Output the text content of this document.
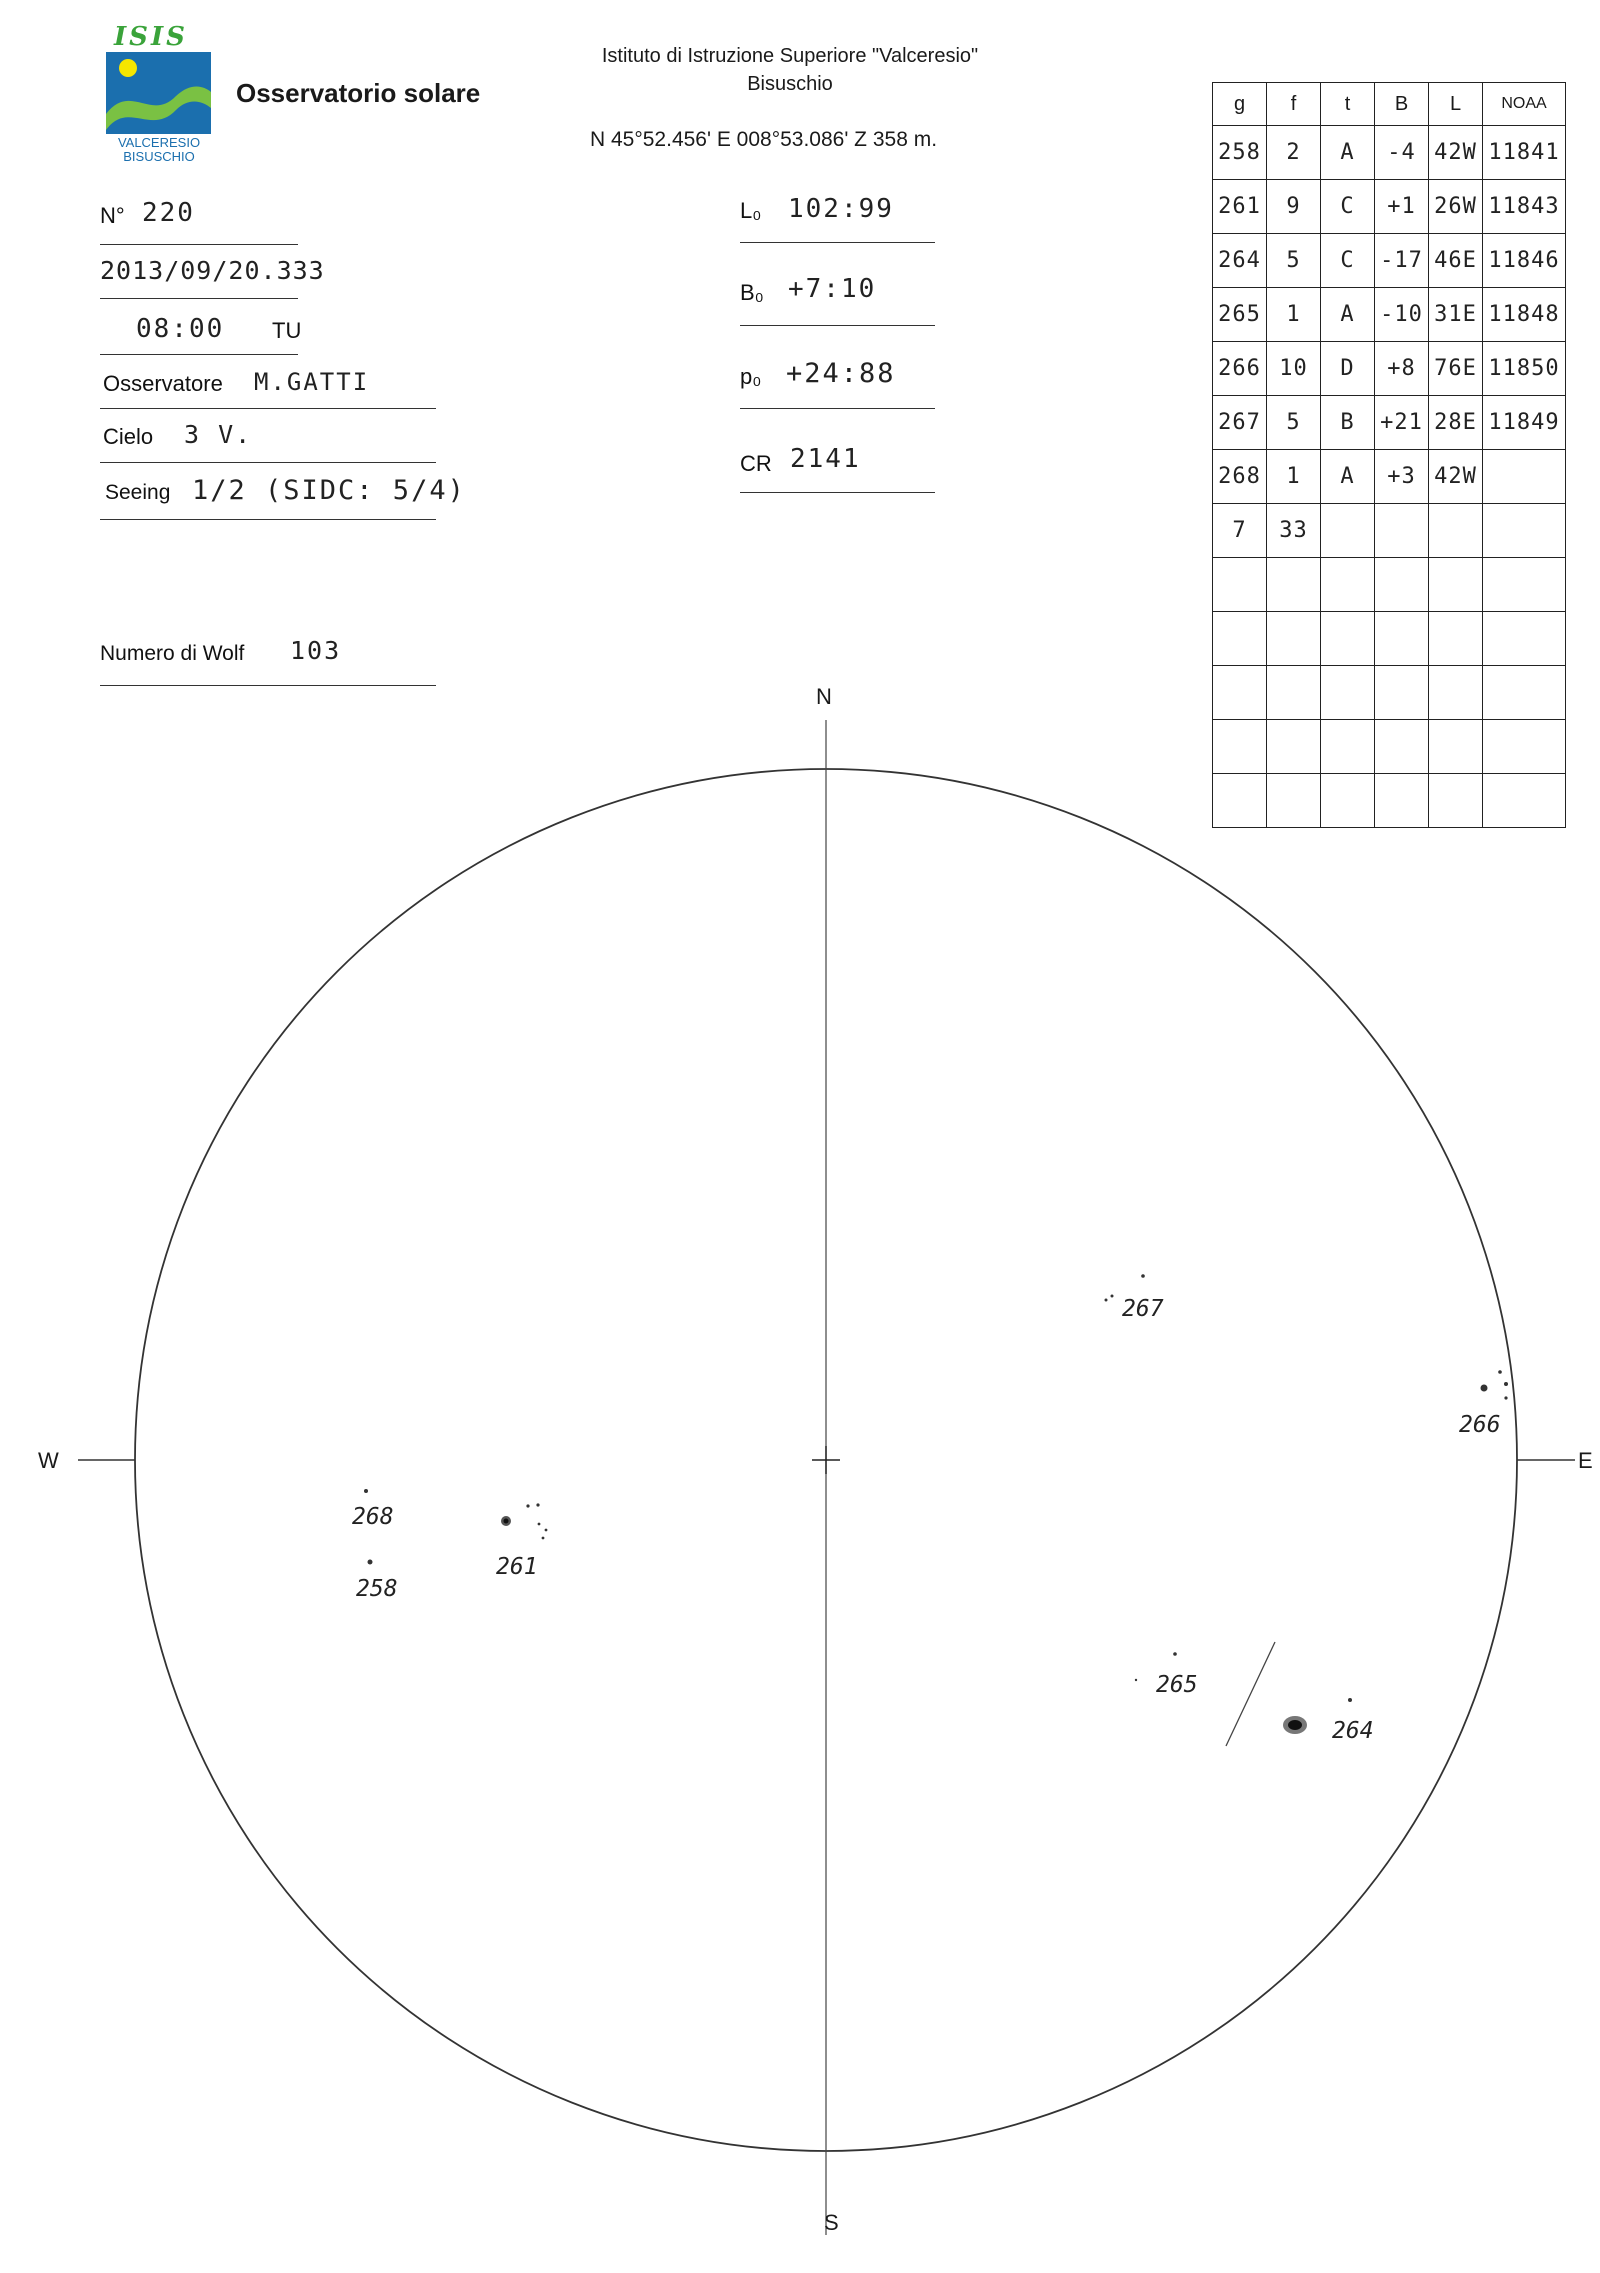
ISIS
VALCERESIO
BISUSCHIO
Osservatorio solare
Istituto di Istruzione Superiore "Valceresio"
Bisuschio
N 45°52.456' E 008°53.086' Z 358 m.
N° 220
2013/09/20.333
08:00 TU
Osservatore M.GATTI
Cielo 3 V.
Seeing 1/2 (SIDC: 5/4)
Numero di Wolf 103
L₀ 102:99
B₀ +7:10
p₀ +24:88
CR 2141
g	f	t	B	L	NOAA
258	2	A	-4	42W	11841
261	9	C	+1	26W	11843
264	5	C	-17	46E	11846
265	1	A	-10	31E	11848
266	10	D	+8	76E	11850
267	5	B	+21	28E	11849
268	1	A	+3	42W	
7	33				

N
S
W	E
267
266
268
258
261
265
264
